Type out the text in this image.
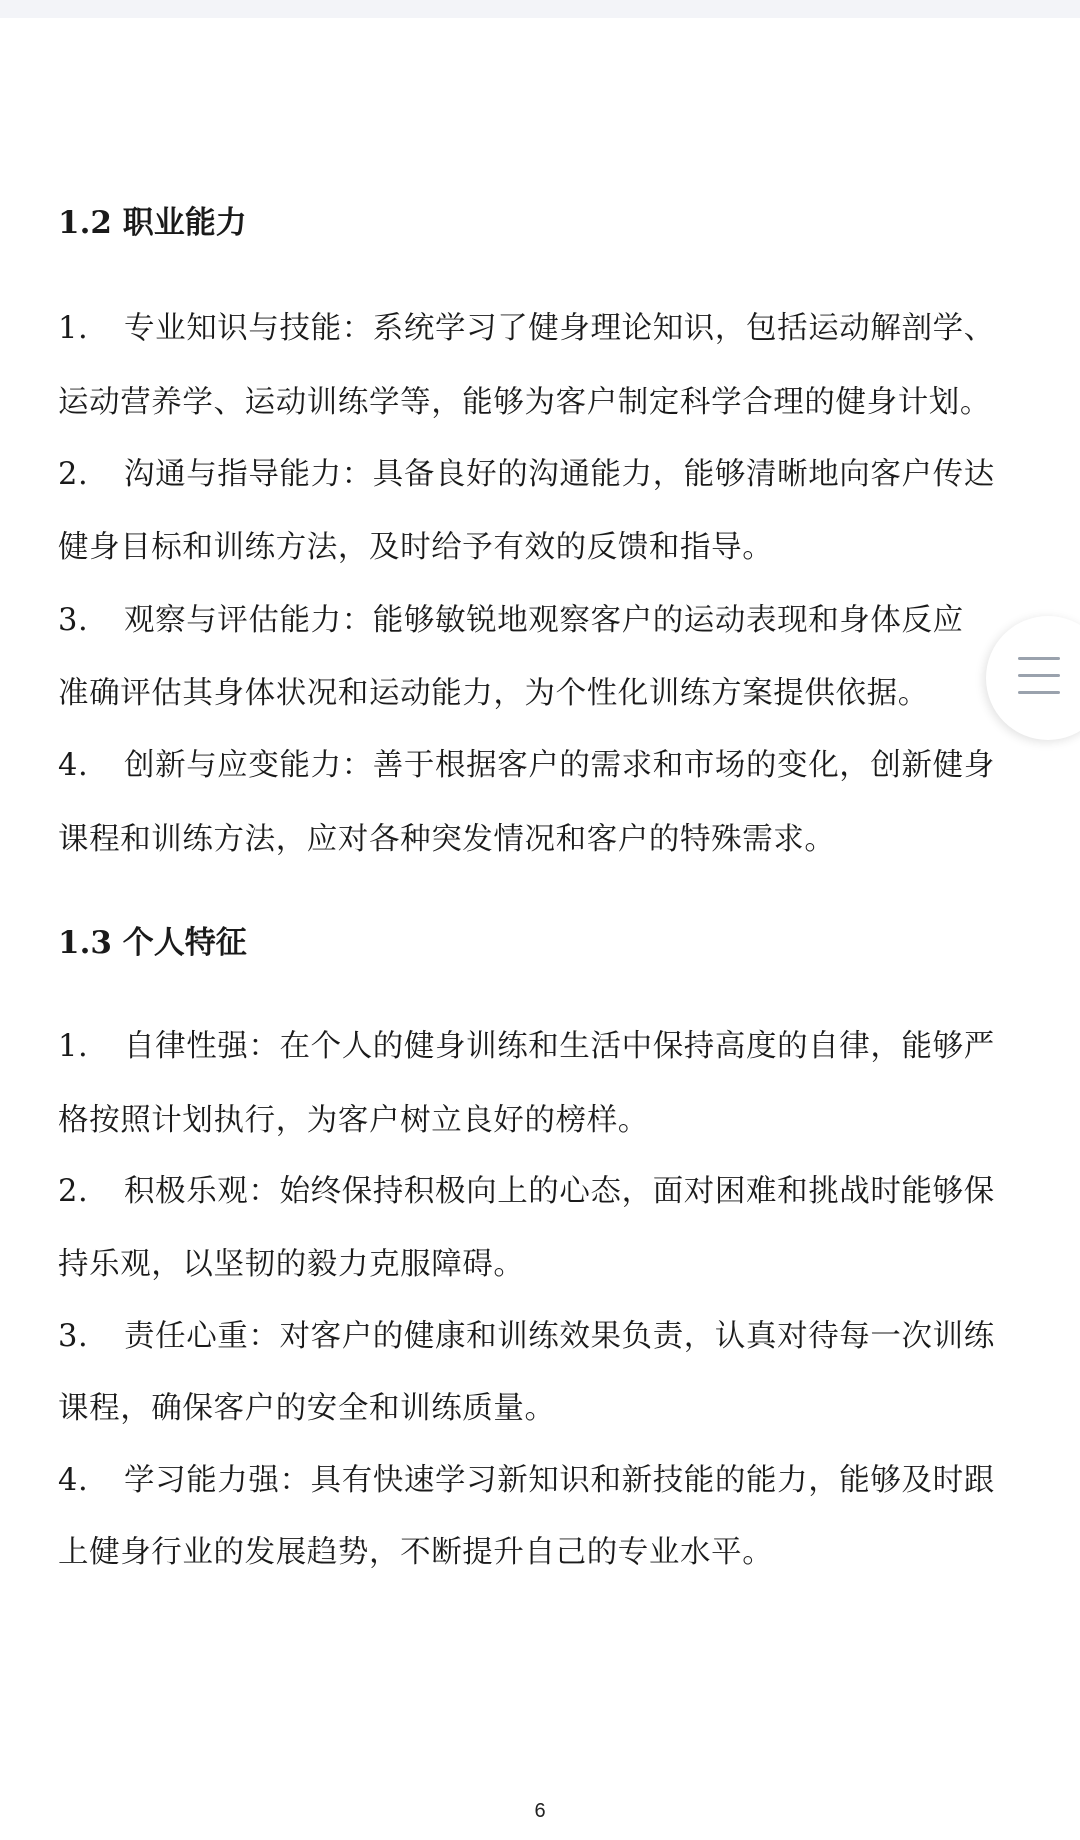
1.2 职业能力
1. 专业知识与技能：系统学习了健身理论知识，包括运动解剖学、
运动营养学、运动训练学等，能够为客户制定科学合理的健身计划。
2. 沟通与指导能力：具备良好的沟通能力，能够清晰地向客户传达
健身目标和训练方法，及时给予有效的反馈和指导。
3. 观察与评估能力：能够敏锐地观察客户的运动表现和身体反应
准确评估其身体状况和运动能力，为个性化训练方案提供依据。
4. 创新与应变能力：善于根据客户的需求和市场的变化，创新健身
课程和训练方法，应对各种突发情况和客户的特殊需求。
1.3 个人特征
1. 自律性强：在个人的健身训练和生活中保持高度的自律，能够严
格按照计划执行，为客户树立良好的榜样。
2. 积极乐观：始终保持积极向上的心态，面对困难和挑战时能够保
持乐观，以坚韧的毅力克服障碍。
3. 责任心重：对客户的健康和训练效果负责，认真对待每一次训练
课程，确保客户的安全和训练质量。
4. 学习能力强：具有快速学习新知识和新技能的能力，能够及时跟
上健身行业的发展趋势，不断提升自己的专业水平。
6
